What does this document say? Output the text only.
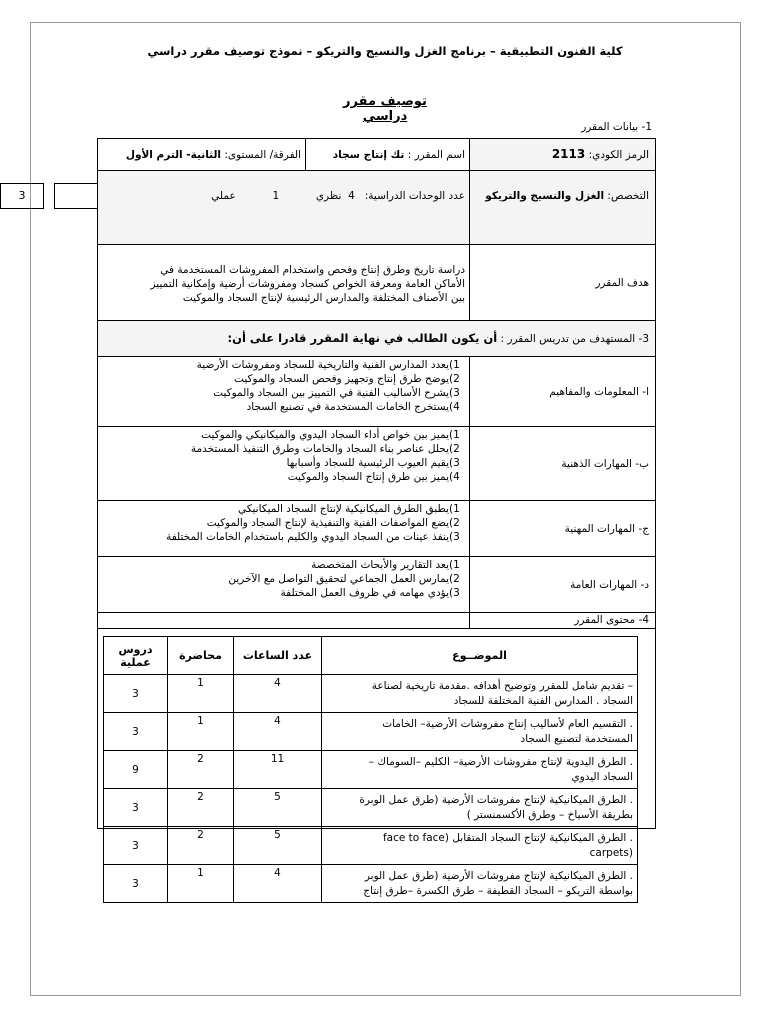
كلية الفنون التطبيقية – برنامج الغزل والنسيج والتريكو – نموذج توصيف مقرر دراسي
3
توصيف مقرر دراسي
1- بيانات المقرر
الرمز الكودي: 2113	اسم المقرر : تك إنتاج سجاد	الفرقة/ المستوى: الثانية- الترم الأول
التخصص: الغزل والنسيج والتريكو	عدد الوحدات الدراسية:   4  نظري  1  عملي	
هدف المقرر	دراسة تاريخ وطرق إنتاج وفحص واستخدام المفروشات المستخدمة في
الأماكن العامة ومعرفة الخواص كسجاد ومفروشات أرضية وإمكانية التمييز
بين الأصناف المختلفة والمدارس الرئيسية لإنتاج السجاد والموكيت	

3- المستهدف من تدريس المقرر : أن يكون الطالب في نهاية المقرر قادرا على أن:		
ا- المعلومات والمفاهيم	1)يعدد المدارس الفنية والتاريخية للسجاد ومفروشات الأرضية
2)يوضح طرق إنتاج وتجهيز وفحص السجاد والموكيت
3)يشرح الأساليب الفنية في التمييز بين السجاد والموكيت
4)يستخرج الخامات المستخدمة في تصنيع السجاد	

ب- المهارات الذهنية	1)يميز بين خواص أداء السجاد اليدوي والميكانيكي والموكيت
2)يحلل عناصر بناء السجاد والخامات وطرق التنفيذ المستخدمة
3)يقيم العيوب الرئيسية للسجاد وأسبابها
4)يميز بين طرق إنتاج السجاد والموكيت	

ج- المهارات المهنية	1)يطبق الطرق الميكانيكية لإنتاج السجاد الميكانيكي
2)يضع المواصفات الفنية والتنفيذية لإنتاج السجاد والموكيت
3)ينفذ عينات من السجاد اليدوي والكليم باستخدام الخامات المختلفة	

د- المهارات العامة	1)يعد التقارير والأبحاث المتخصصة
2)يمارس العمل الجماعي لتحقيق التواصل مع الآخرين
3)يؤدي مهامه في ظروف العمل المختلفة	

4- محتوى المقرر		
الموضــوع	عدد الساعات	محاضرة	دروس عملية

– تقديم شامل للمقرر وتوضيح أهدافه .مقدمة تاريخية لصناعة
السجاد . المدارس الفنية المختلفة للسجاد	4	1	3

. التقسيم العام لأساليب إنتاج مفروشات الأرضية– الخامات
المستخدمة لتصنيع السجاد	4	1	3

. الطرق اليدوية لإنتاج مفروشات الأرضية– الكليم –السوماك –
السجاد اليدوي	11	2	9

. الطرق الميكانيكية لإنتاج مفروشات الأرضية (طرق عمل الوبرة
بطريقة الأسياخ – وطرق الأكسمنستر )	5	2	3

. الطرق الميكانيكية لإنتاج السجاد المتقابل (face to face
(carpets	5	2	3

. الطرق الميكانيكية لإنتاج مفروشات الأرضية (طرق عمل الوبر
بواسطة التريكو – السجاد القطيفة – طرق الكسرة –طرق إنتاج	4	1	3
